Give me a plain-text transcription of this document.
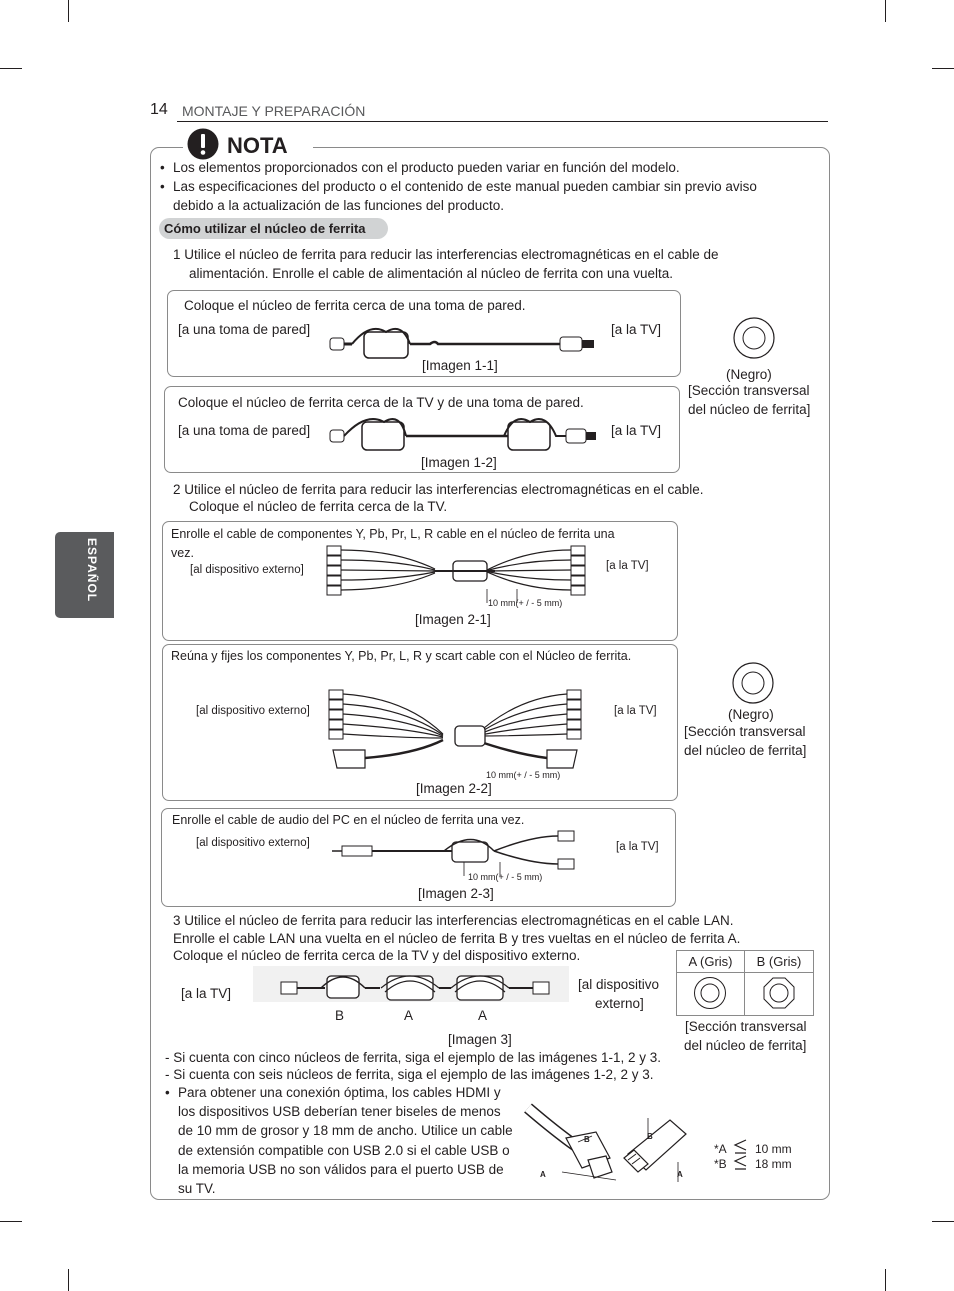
14 MONTAJE Y PREPARACIÓN
ESPAÑOL
NOTA
• Los elementos proporcionados con el producto pueden variar en función del modelo.
• Las especificaciones del producto o el contenido de este manual pueden cambiar sin previo aviso
debido a la actualización de las funciones del producto.
Cómo utilizar el núcleo de ferrita
1 Utilice el núcleo de ferrita para reducir las interferencias electromagnéticas en el cable de
alimentación. Enrolle el cable de alimentación al núcleo de ferrita con una vuelta.
Coloque el núcleo de ferrita cerca de una toma de pared.
[a una toma de pared]	[a la TV]
[Imagen 1-1]
Coloque el núcleo de ferrita cerca de la TV y de una toma de pared.
[a una toma de pared]	[a la TV]
[Imagen 1-2]
(Negro)
[Sección transversal
del núcleo de ferrita]
2 Utilice el núcleo de ferrita para reducir las interferencias electromagnéticas en el cable.
Coloque el núcleo de ferrita cerca de la TV.
Enrolle el cable de componentes Y, Pb, Pr, L, R cable en el núcleo de ferrita una
vez.
[al dispositivo externo]	[a la TV]
10 mm(+ / - 5 mm)
[Imagen 2-1]
Reúna y fijes los componentes Y, Pb, Pr, L, R y scart cable con el Núcleo de ferrita.
[al dispositivo externo]	[a la TV]
10 mm(+ / - 5 mm)
[Imagen 2-2]
(Negro)
[Sección transversal
del núcleo de ferrita]
Enrolle el cable de audio del PC en el núcleo de ferrita una vez.
[al dispositivo externo]	[a la TV]
10 mm(+ / - 5 mm)
[Imagen 2-3]
3 Utilice el núcleo de ferrita para reducir las interferencias electromagnéticas en el cable LAN.
Enrolle el cable LAN una vuelta en el núcleo de ferrita B y tres vueltas en el núcleo de ferrita A.
Coloque el núcleo de ferrita cerca de la TV y del dispositivo externo.
[a la TV]
[al dispositivo
externo]
B	A	A
[Imagen 3]
A (Gris)	B (Gris)

[Sección transversal
del núcleo de ferrita]
- Si cuenta con cinco núcleos de ferrita, siga el ejemplo de las imágenes 1-1, 2 y 3.
- Si cuenta con seis núcleos de ferrita, siga el ejemplo de las imágenes 1-2, 2 y 3.
• Para obtener una conexión óptima, los cables HDMI y
los dispositivos USB deberían tener biseles de menos
de 10 mm de grosor y 18 mm de ancho. Utilice un cable
de extensión compatible con USB 2.0 si el cable USB o
la memoria USB no son válidos para el puerto USB de
su TV.
A
B	B
A
*A
*B
10 mm
18 mm
